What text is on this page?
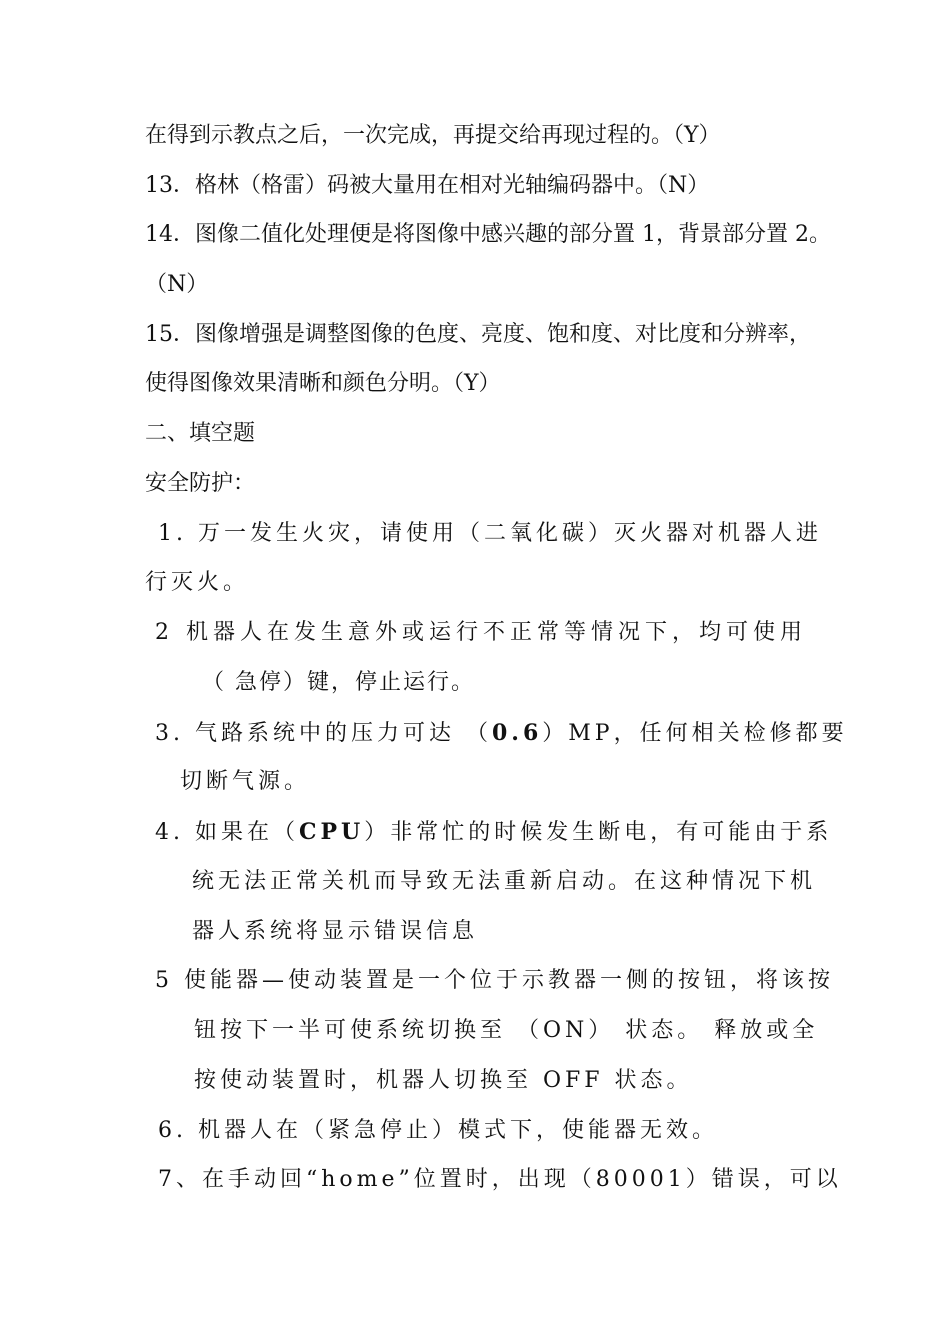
在得到示教点之后，一次完成，再提交给再现过程的。（Y）
13．格林（格雷）码被大量用在相对光轴编码器中。（N）
14．图像二值化处理便是将图像中感兴趣的部分置 1，背景部分置 2。
（N）
15．图像增强是调整图像的色度、亮度、饱和度、对比度和分辨率，
使得图像效果清晰和颜色分明。（Y）
二、填空题
安全防护：
1. 万一发生火灾，请使用（二氧化碳）灭火器对机器人进
行灭火。
2 机器人在发生意外或运行不正常等情况下，均可使用
（ 急停）键，停止运行。
3. 气路系统中的压力可达 （0.6）MP，任何相关检修都要
切断气源。
4. 如果在（CPU）非常忙的时候发生断电，有可能由于系
统无法正常关机而导致无法重新启动。在这种情况下机
器人系统将显示错误信息
5 使能器—使动装置是一个位于示教器一侧的按钮，将该按
钮按下一半可使系统切换至 （ON） 状态。 释放或全
按使动装置时，机器人切换至 OFF 状态。
6. 机器人在（紧急停止）模式下，使能器无效。
7、在手动回“home”位置时，出现（80001）错误，可以
